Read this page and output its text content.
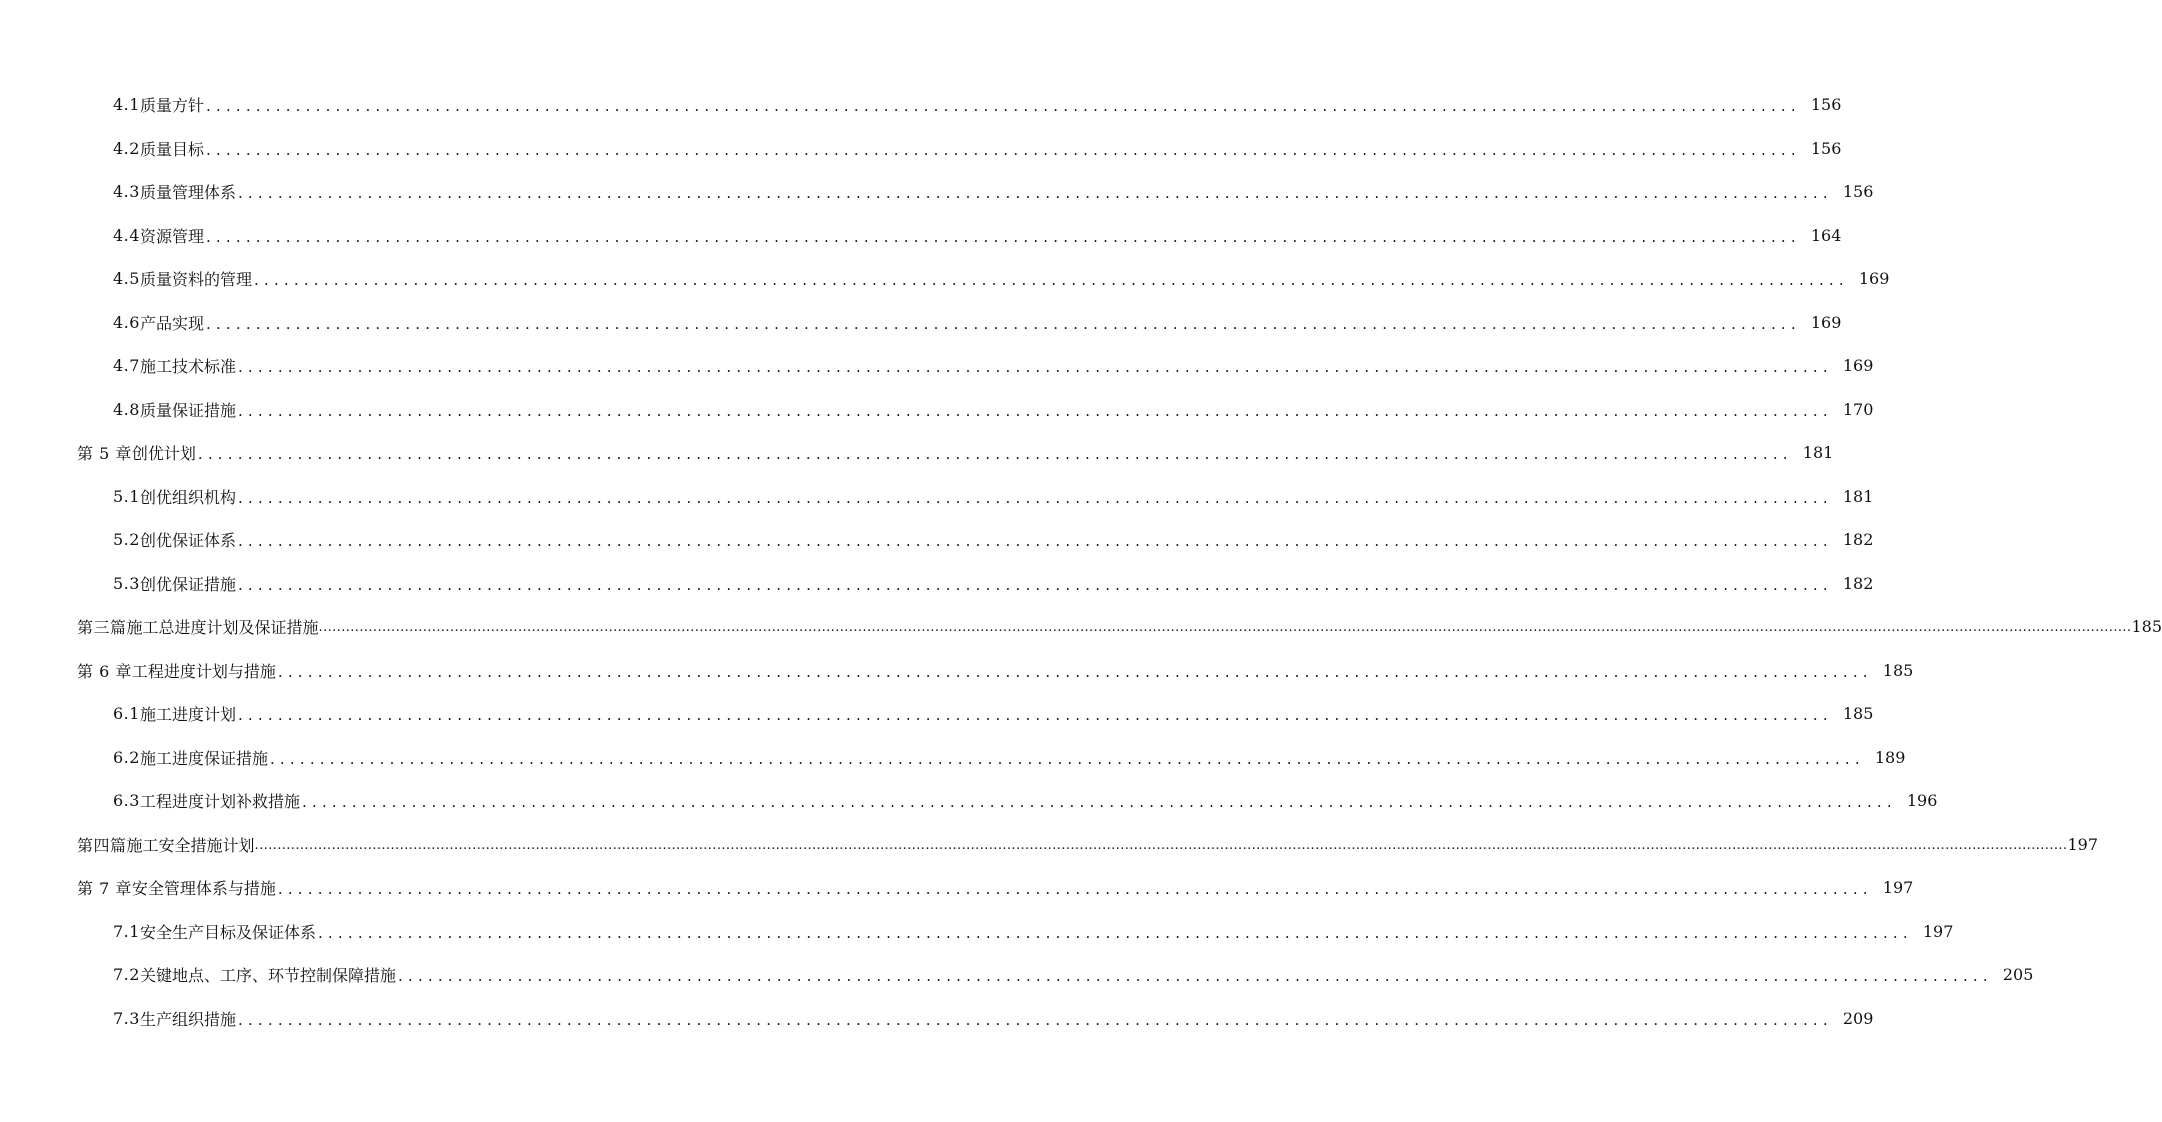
4.1 质量方针 ................................................................................................................................................................ 156
4.2 质量目标 ................................................................................................................................................................ 156
4.3 质量管理体系 ................................................................................................................................................................ 156
4.4 资源管理 ................................................................................................................................................................ 164
4.5 质量资料的管理 ................................................................................................................................................................ 169
4.6 产品实现 ................................................................................................................................................................ 169
4.7 施工技术标准 ................................................................................................................................................................ 169
4.8 质量保证措施 ................................................................................................................................................................ 170
第 5 章 创优计划 ................................................................................................................................................................ 181
5.1 创优组织机构 ................................................................................................................................................................ 181
5.2 创优保证体系 ................................................................................................................................................................ 182
5.3 创优保证措施 ................................................................................................................................................................ 182
第三篇 施工总进度计划及保证措施 ................................................................................................................................................................................................................................................................................................................................................................................................................ 185
第 6 章 工程进度计划与措施 ................................................................................................................................................................ 185
6.1 施工进度计划 ................................................................................................................................................................ 185
6.2 施工进度保证措施 ................................................................................................................................................................ 189
6.3 工程进度计划补救措施 ................................................................................................................................................................ 196
第四篇 施工安全措施计划 ................................................................................................................................................................................................................................................................................................................................................................................................................ 197
第 7 章 安全管理体系与措施 ................................................................................................................................................................ 197
7.1 安全生产目标及保证体系 ................................................................................................................................................................ 197
7.2 关键地点、工序、环节控制保障措施 ................................................................................................................................................................ 205
7.3 生产组织措施 ................................................................................................................................................................ 209
